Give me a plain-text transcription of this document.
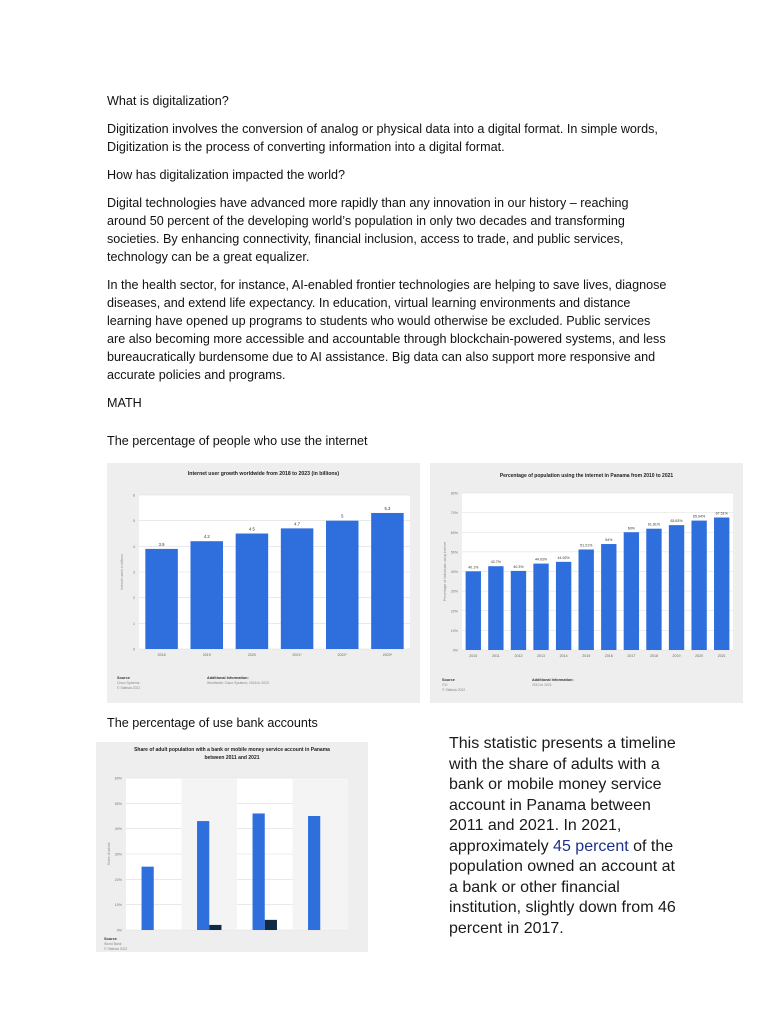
What is digitalization?

Digitization involves the conversion of analog or physical data into a digital format. In simple words, Digitization is the process of converting information into a digital format.

How has digitalization impacted the world?

Digital technologies have advanced more rapidly than any innovation in our history – reaching around 50 percent of the developing world’s population in only two decades and transforming societies. By enhancing connectivity, financial inclusion, access to trade, and public services, technology can be a great equalizer.

In the health sector, for instance, AI-enabled frontier technologies are helping to save lives, diagnose diseases, and extend life expectancy. In education, virtual learning environments and distance learning have opened up programs to students who would otherwise be excluded. Public services are also becoming more accessible and accountable through blockchain-powered systems, and less bureaucratically burdensome due to AI assistance. Big data can also support more responsive and accurate policies and programs.

MATH

The percentage of people who use the internet
Internet user growth worldwide from 2018 to 2023 (in billions)
0
1
2
3
4
5
6
Internet users in billions
3.9
2018
4.2
2019
4.5
2020
4.7
2021*
5
2022*
5.3
2023*
Source
Cisco Systems
© Statista 2021
Additional Information:
Worldwide; Cisco Systems; 2018 to 2023
Percentage of population using the internet in Panama from 2010 to 2021
0%
10%
20%
30%
40%
50%
60%
70%
80%
Percentage of individuals using internet	40.1%
2010
42.7%
2011
40.3%
2012
44.03%
2013
44.92%
2014
51.21%
2015
54%
2016
60%
2017
61.81%
2018
63.63%
2019
65.94%
2020
67.51%
2021
Source
ITU
© Statista 2022
Additional Information:
2010 to 2021
The percentage of use bank accounts
Share of adult population with a bank or mobile money service account in Panama
between 2011 and 2021
0%
10%
20%
30%
40%
50%
60%
Share of adults
Source
World Bank
© Statista 2022
This statistic presents a timeline with the share of adults with a bank or mobile money service account in Panama between 2011 and 2021. In 2021, approximately 45 percent of the population owned an account at a bank or other financial institution, slightly down from 46 percent in 2017.
